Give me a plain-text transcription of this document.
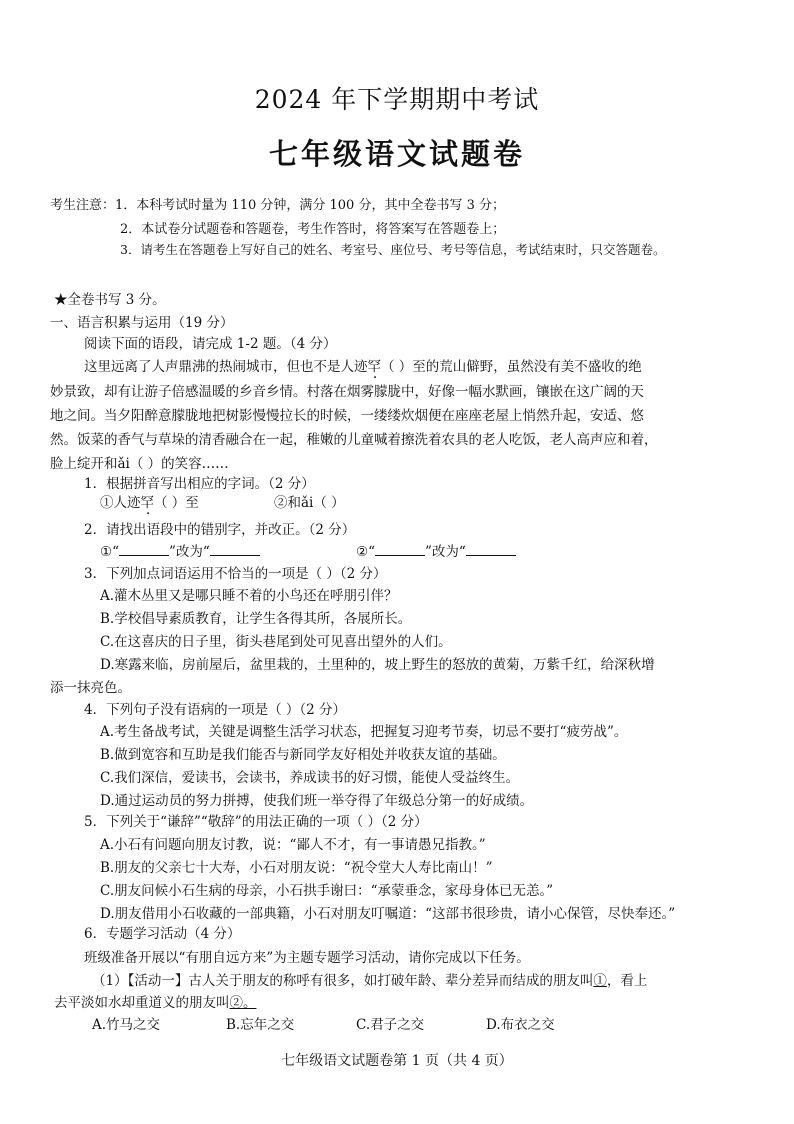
2024 年下学期期中考试
七年级语文试题卷
考生注意：1．本科考试时量为 110 分钟，满分 100 分，其中全卷书写 3 分；
2．本试卷分试题卷和答题卷，考生作答时，将答案写在答题卷上；
3．请考生在答题卷上写好自己的姓名、考室号、座位号、考号等信息，考试结束时，只交答题卷。
★全卷书写 3 分。
一、语言积累与运用（19 分）
阅读下面的语段，请完成 1-2 题。（4 分）
这里远离了人声鼎沸的热闹城市，但也不是人迹罕（ ）至的荒山僻野，虽然没有美不盛收的绝
妙景致，却有让游子倍感温暖的乡音乡情。村落在烟雾朦胧中，好像一幅水默画，镶嵌在这广阔的天
地之间。当夕阳醉意朦胧地把树影慢慢拉长的时候，一缕缕炊烟便在座座老屋上悄然升起，安适、悠
然。饭菜的香气与草垛的清香融合在一起，稚嫩的儿童喊着擦洗着农具的老人吃饭，老人高声应和着，
脸上绽开和ǎi（ ）的笑容……
1．根据拼音写出相应的字词。（2 分）
①人迹罕（ ）至	②和ǎi（ ）
2．请找出语段中的错别字，并改正。（2 分）
①“	”改为“	②“	”改为“
3．下列加点词语运用不恰当的一项是（ ）（2 分）
A.灌木丛里又是哪只睡不着的小鸟还在呼朋引伴？
B.学校倡导素质教育，让学生各得其所，各展所长。
C.在这喜庆的日子里，街头巷尾到处可见喜出望外的人们。
D.寒露来临，房前屋后，盆里栽的，土里种的，坡上野生的怒放的黄菊，万紫千红，给深秋增
添一抹亮色。
4．下列句子没有语病的一项是（ ）（2 分）
A.考生备战考试，关键是调整生活学习状态，把握复习迎考节奏，切忌不要打“疲劳战”。
B.做到宽容和互助是我们能否与新同学友好相处并收获友谊的基础。
C.我们深信，爱读书，会读书，养成读书的好习惯，能使人受益终生。
D.通过运动员的努力拼搏，使我们班一举夺得了年级总分第一的好成绩。
5．下列关于“谦辞”“敬辞”的用法正确的一项（ ）（2 分）
A.小石有问题向朋友讨教，说：“鄙人不才，有一事请愚兄指教。”
B.朋友的父亲七十大寿，小石对朋友说：“祝令堂大人寿比南山！”
C.朋友问候小石生病的母亲，小石拱手谢曰：“承蒙垂念，家母身体已无恙。”
D.朋友借用小石收藏的一部典籍，小石对朋友叮嘱道：“这部书很珍贵，请小心保管，尽快奉还。”
6．专题学习活动（4 分）
班级准备开展以“有朋自远方来”为主题专题学习活动，请你完成以下任务。
（1）【活动一】古人关于朋友的称呼有很多，如打破年龄、辈分差异而结成的朋友叫①，看上
去平淡如水却重道义的朋友叫②。
A.竹马之交	B.忘年之交	C.君子之交	D.布衣之交
七年级语文试题卷第 1 页（共 4 页）
